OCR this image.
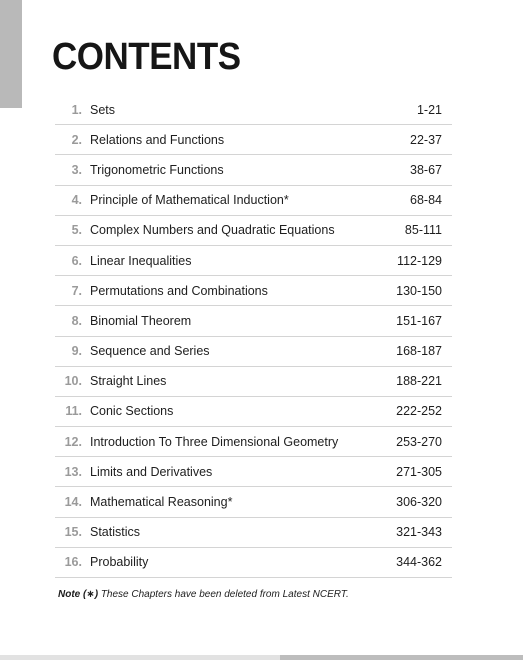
CONTENTS
1. Sets	1-21
2. Relations and Functions	22-37
3. Trigonometric Functions	38-67
4. Principle of Mathematical Induction*	68-84
5. Complex Numbers and Quadratic Equations	85-111
6. Linear Inequalities	112-129
7. Permutations and Combinations	130-150
8. Binomial Theorem	151-167
9. Sequence and Series	168-187
10. Straight Lines	188-221
11. Conic Sections	222-252
12. Introduction To Three Dimensional Geometry	253-270
13. Limits and Derivatives	271-305
14. Mathematical Reasoning*	306-320
15. Statistics	321-343
16. Probability	344-362
Note (∗) These Chapters have been deleted from Latest NCERT.
